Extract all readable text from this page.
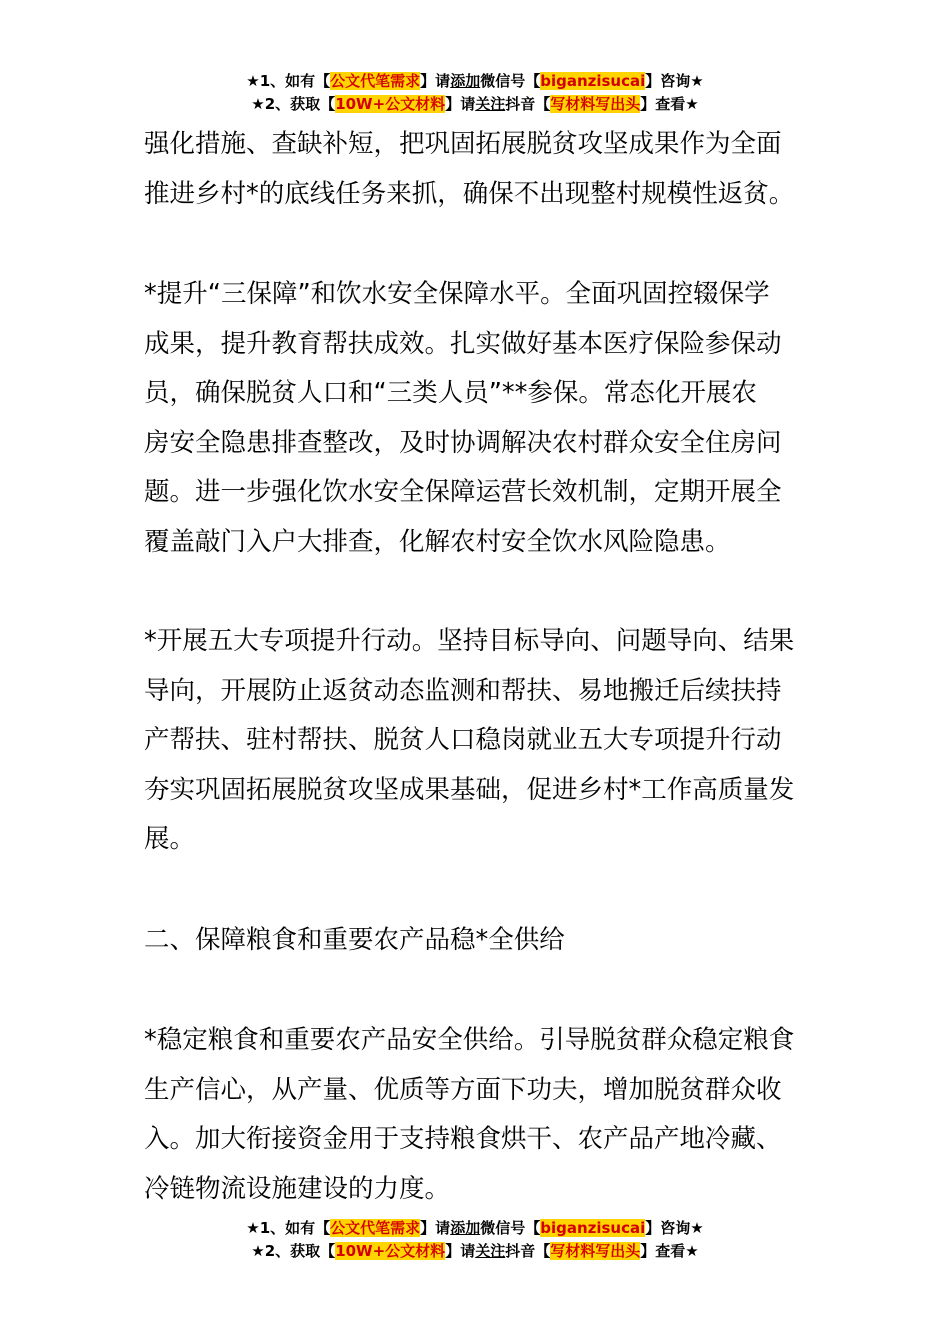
★1、如有【公文代笔需求】请添加微信号【biganzisucai】咨询★
★2、获取【10W+公文材料】请关注抖音【写材料写出头】查看★
强化措施、查缺补短，把巩固拓展脱贫攻坚成果作为全面
推进乡村*的底线任务来抓，确保不出现整村规模性返贫。
*提升“三保障”和饮水安全保障水平。全面巩固控辍保学
成果，提升教育帮扶成效。扎实做好基本医疗保险参保动
员，确保脱贫人口和“三类人员”**参保。常态化开展农
房安全隐患排查整改，及时协调解决农村群众安全住房问
题。进一步强化饮水安全保障运营长效机制，定期开展全
覆盖敲门入户大排查，化解农村安全饮水风险隐患。
*开展五大专项提升行动。坚持目标导向、问题导向、结果
导向，开展防止返贫动态监测和帮扶、易地搬迁后续扶持
产帮扶、驻村帮扶、脱贫人口稳岗就业五大专项提升行动
夯实巩固拓展脱贫攻坚成果基础，促进乡村*工作高质量发
展。
二、保障粮食和重要农产品稳*全供给
*稳定粮食和重要农产品安全供给。引导脱贫群众稳定粮食
生产信心，从产量、优质等方面下功夫，增加脱贫群众收
入。加大衔接资金用于支持粮食烘干、农产品产地冷藏、
冷链物流设施建设的力度。
★1、如有【公文代笔需求】请添加微信号【biganzisucai】咨询★
★2、获取【10W+公文材料】请关注抖音【写材料写出头】查看★
